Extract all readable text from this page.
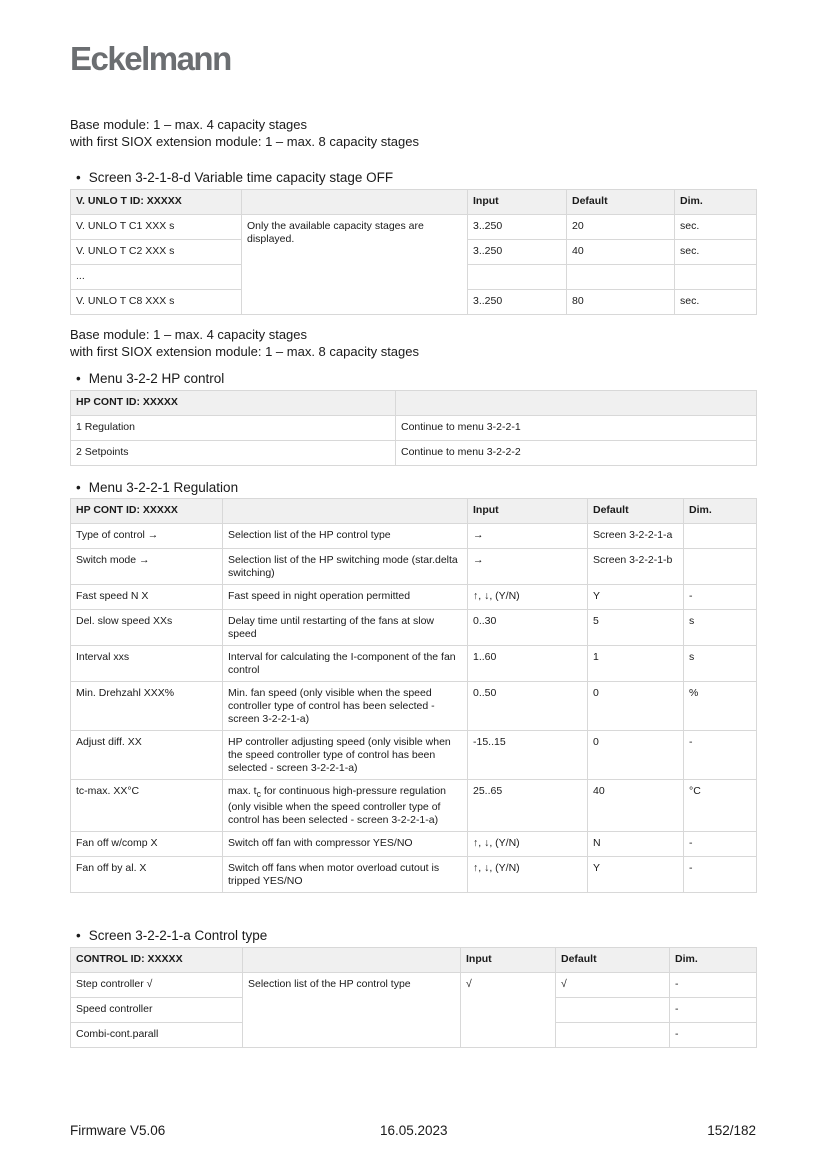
Eckelmann
Base module: 1 – max. 4 capacity stages
with first SIOX extension module: 1 – max. 8 capacity stages
• Screen 3-2-1-8-d Variable time capacity stage OFF
V. UNLO T ID: XXXXX		Input	Default	Dim.
V. UNLO T C1 XXX s	Only the available capacity stages are displayed.	3..250	20	sec.
V. UNLO T C2 XXX s		3..250	40	sec.
...				
V. UNLO T C8 XXX s		3..250	80	sec.
Base module: 1 – max. 4 capacity stages
with first SIOX extension module: 1 – max. 8 capacity stages
• Menu 3-2-2 HP control
HP CONT ID: XXXXX	
1 Regulation	Continue to menu 3-2-2-1
2 Setpoints	Continue to menu 3-2-2-2
• Menu 3-2-2-1 Regulation
HP CONT ID: XXXXX		Input	Default	Dim.
Type of control →	Selection list of the HP control type	→	Screen 3-2-2-1-a	
Switch mode →	Selection list of the HP switching mode (star.delta switching)	→	Screen 3-2-2-1-b	
Fast speed N X	Fast speed in night operation permitted	↑, ↓, (Y/N)	Y	-
Del. slow speed XXs	Delay time until restarting of the fans at slow speed	0..30	5	s
Interval xxs	Interval for calculating the I-component of the fan control	1..60	1	s
Min. Drehzahl XXX%	Min. fan speed (only visible when the speed controller type of control has been selected - screen 3-2-2-1-a)	0..50	0	%
Adjust diff. XX	HP controller adjusting speed (only visible when the speed controller type of control has been selected - screen 3-2-2-1-a)	-15..15	0	-
tc-max. XX°C	max. $t_c$ for continuous high-pressure regulation (only visible when the speed controller type of control has been selected - screen 3-2-2-1-a)	25..65	40	°C
Fan off w/comp X	Switch off fan with compressor YES/NO	↑, ↓, (Y/N)	N	-
Fan off by al. X	Switch off fans when motor overload cutout is tripped YES/NO	↑, ↓, (Y/N)	Y	-
• Screen 3-2-2-1-a Control type
CONTROL ID: XXXXX		Input	Default	Dim.
Step controller √	Selection list of the HP control type	√	√	-
Speed controller				-
Combi-cont.parall				-
Firmware V5.06	16.05.2023	152/182
